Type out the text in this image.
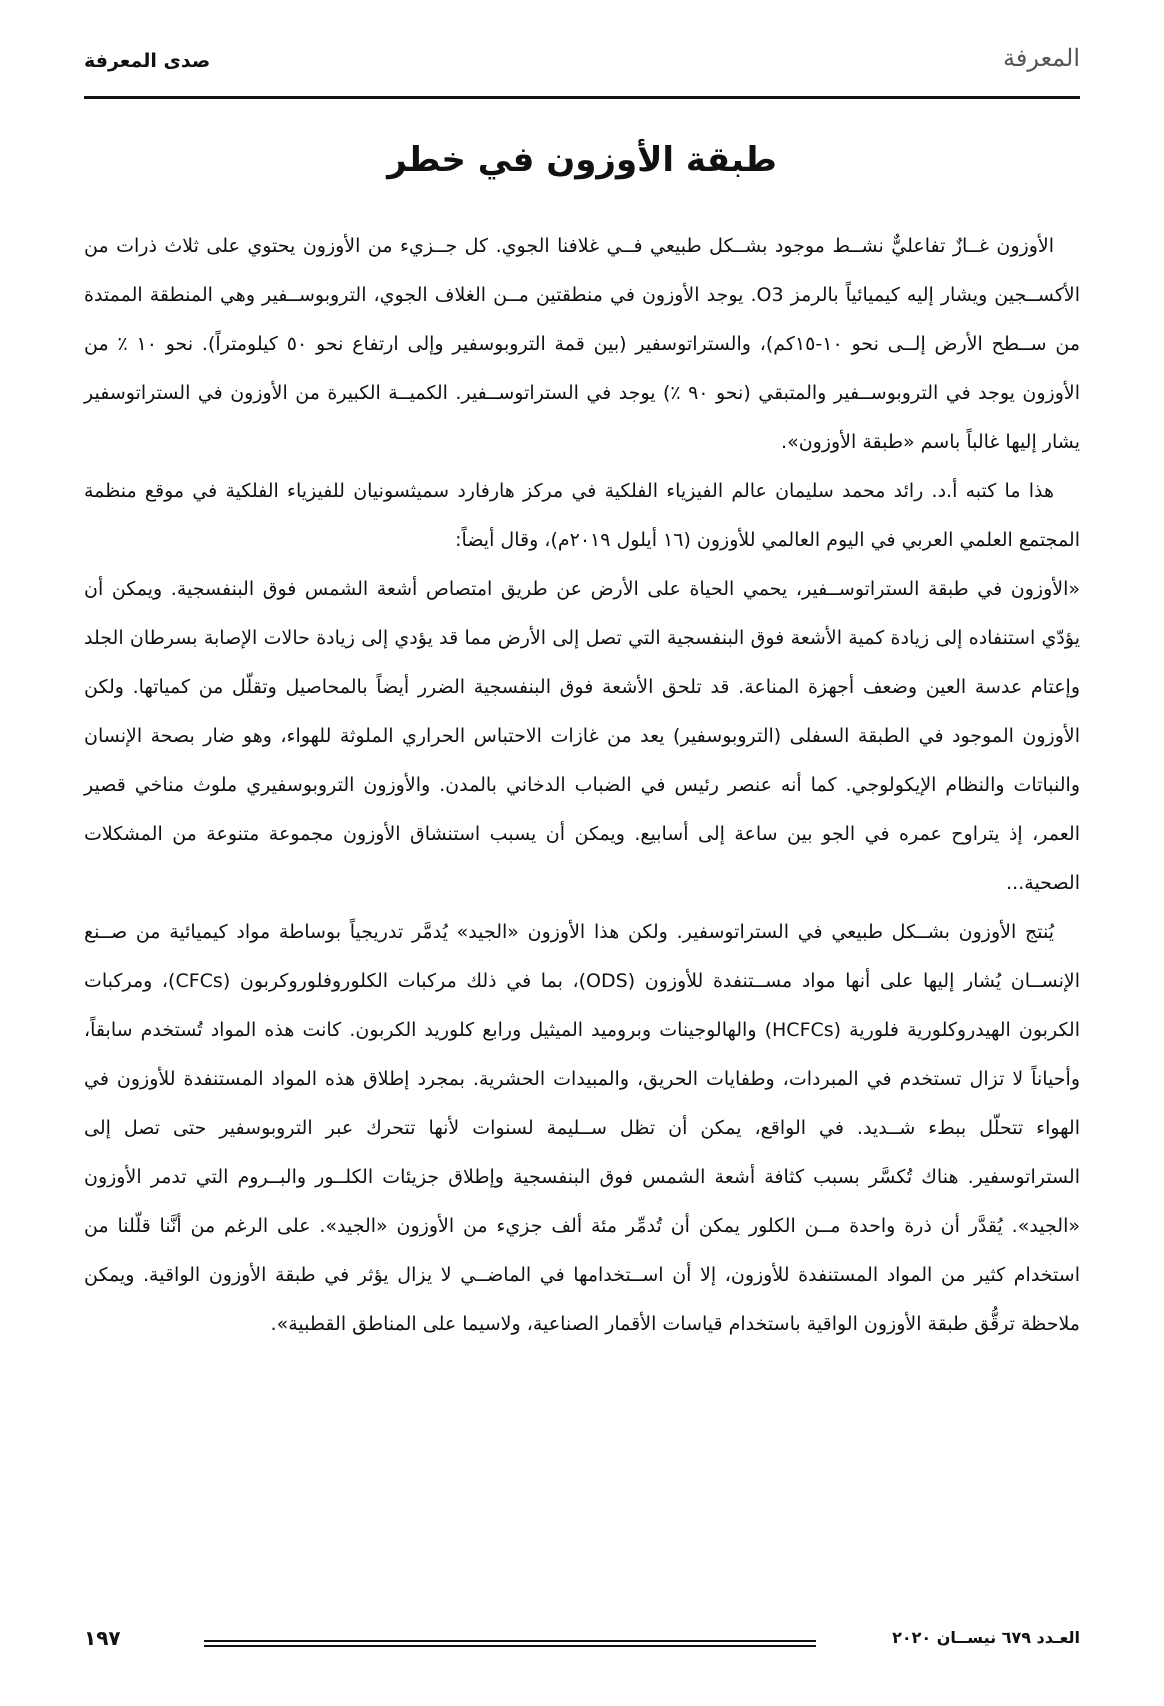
المعرفة
صدى المعرفة
طبقة الأوزون في خطر

الأوزون غــازٌ تفاعليٌّ نشــط موجود بشــكل طبيعي فــي غلافنا الجوي. كل جــزيء من الأوزون يحتوي على ثلاث ذرات من الأكســجين ويشار إليه كيميائياً بالرمز O3. يوجد الأوزون في منطقتين مــن الغلاف الجوي، التروبوســفير وهي المنطقة الممتدة من ســطح الأرض إلــى نحو ١٠-١٥كم)، والستراتوسفير (بين قمة التروبوسفير وإلى ارتفاع نحو ٥٠ كيلومتراً). نحو ١٠ ٪ من الأوزون يوجد في التروبوســفير والمتبقي (نحو ٩٠ ٪) يوجد في الستراتوســفير. الكميــة الكبيرة من الأوزون في الستراتوسفير يشار إليها غالباً باسم «طبقة الأوزون».

هذا ما كتبه أ.د. رائد محمد سليمان عالم الفيزياء الفلكية في مركز هارفارد سميثسونيان للفيزياء الفلكية في موقع منظمة المجتمع العلمي العربي في اليوم العالمي للأوزون (١٦ أيلول ٢٠١٩م)، وقال أيضاً:

«الأوزون في طبقة الستراتوســفير، يحمي الحياة على الأرض عن طريق امتصاص أشعة الشمس فوق البنفسجية. ويمكن أن يؤدّي استنفاده إلى زيادة كمية الأشعة فوق البنفسجية التي تصل إلى الأرض مما قد يؤدي إلى زيادة حالات الإصابة بسرطان الجلد وإعتام عدسة العين وضعف أجهزة المناعة. قد تلحق الأشعة فوق البنفسجية الضرر أيضاً بالمحاصيل وتقلّل من كمياتها. ولكن الأوزون الموجود في الطبقة السفلى (التروبوسفير) يعد من غازات الاحتباس الحراري الملوثة للهواء، وهو ضار بصحة الإنسان والنباتات والنظام الإيكولوجي. كما أنه عنصر رئيس في الضباب الدخاني بالمدن. والأوزون التروبوسفيري ملوث مناخي قصير العمر، إذ يتراوح عمره في الجو بين ساعة إلى أسابيع. ويمكن أن يسبب استنشاق الأوزون مجموعة متنوعة من المشكلات الصحية...

يُنتج الأوزون بشــكل طبيعي في الستراتوسفير. ولكن هذا الأوزون «الجيد» يُدمَّر تدريجياً بوساطة مواد كيميائية من صــنع الإنســان يُشار إليها على أنها مواد مســتنفدة للأوزون (ODS)، بما في ذلك مركبات الكلوروفلوروكربون (CFCs)، ومركبات الكربون الهيدروكلورية فلورية (HCFCs) والهالوجينات وبروميد الميثيل ورابع كلوريد الكربون. كانت هذه المواد تُستخدم سابقاً، وأحياناً لا تزال تستخدم في المبردات، وطفايات الحريق، والمبيدات الحشرية. بمجرد إطلاق هذه المواد المستنفدة للأوزون في الهواء تتحلّل ببطء شــديد. في الواقع، يمكن أن تظل ســليمة لسنوات لأنها تتحرك عبر التروبوسفير حتى تصل إلى الستراتوسفير. هناك تُكسَّر بسبب كثافة أشعة الشمس فوق البنفسجية وإطلاق جزيئات الكلــور والبــروم التي تدمر الأوزون «الجيد». يُقدَّر أن ذرة واحدة مــن الكلور يمكن أن تُدمِّر مئة ألف جزيء من الأوزون «الجيد». على الرغم من أنَّنا قلّلنا من استخدام كثير من المواد المستنفدة للأوزون، إلا أن اســتخدامها في الماضــي لا يزال يؤثر في طبقة الأوزون الواقية. ويمكن ملاحظة ترقُّق طبقة الأوزون الواقية باستخدام قياسات الأقمار الصناعية، ولاسيما على المناطق القطبية».

١٩٧	العـدد ٦٧٩ نيســان ٢٠٢٠
